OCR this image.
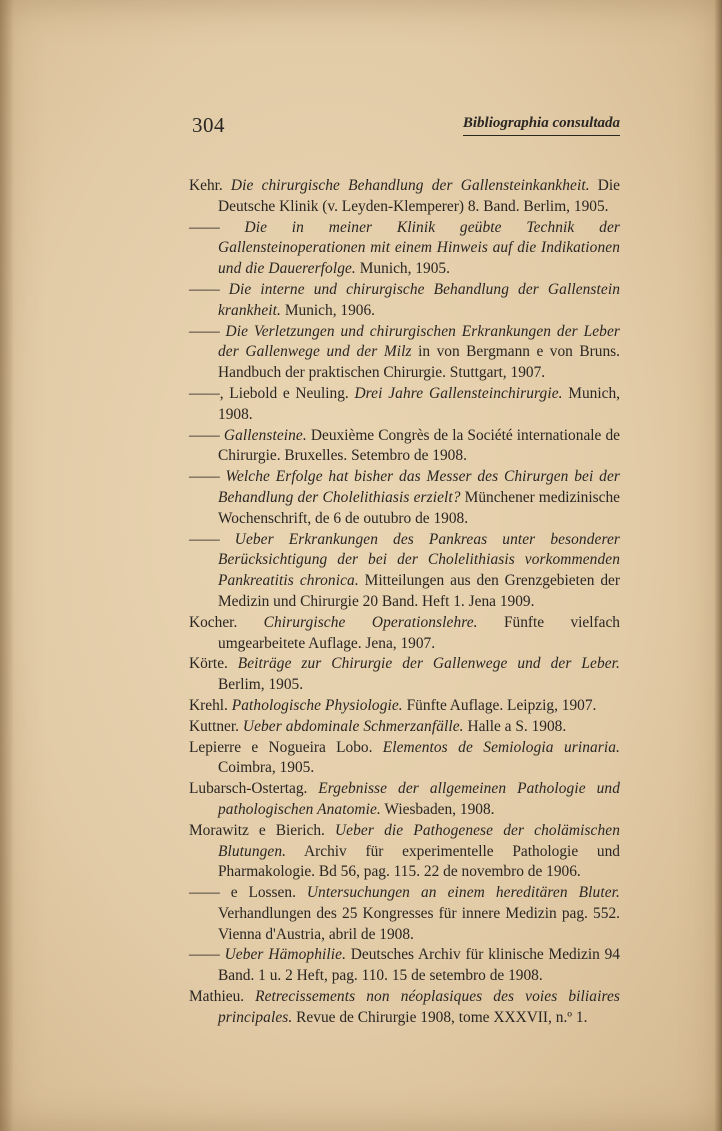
304	Bibliographia consultada
Kehr. Die chirurgische Behandlung der Gallensteinkankheit. Die Deutsche Klinik (v. Leyden-Klemperer) 8. Band. Berlim, 1905.
—— Die in meiner Klinik geübte Technik der Gallensteinoperationen mit einem Hinweis auf die Indikationen und die Dauererfolge. Munich, 1905.
—— Die interne und chirurgische Behandlung der Gallenstein krankheit. Munich, 1906.
—— Die Verletzungen und chirurgischen Erkrankungen der Leber der Gallenwege und der Milz in von Bergmann e von Bruns. Handbuch der praktischen Chirurgie. Stuttgart, 1907.
——, Liebold e Neuling. Drei Jahre Gallensteinchirurgie. Munich, 1908.
—— Gallensteine. Deuxième Congrès de la Société internationale de Chirurgie. Bruxelles. Setembro de 1908.
—— Welche Erfolge hat bisher das Messer des Chirurgen bei der Behandlung der Cholelithiasis erzielt? Münchener medizinische Wochenschrift, de 6 de outubro de 1908.
—— Ueber Erkrankungen des Pankreas unter besonderer Berücksichtigung der bei der Cholelithiasis vorkommenden Pankreatitis chronica. Mitteilungen aus den Grenzgebieten der Medizin und Chirurgie 20 Band. Heft 1. Jena 1909.
Kocher. Chirurgische Operationslehre. Fünfte vielfach umgearbeitete Auflage. Jena, 1907.
Körte. Beiträge zur Chirurgie der Gallenwege und der Leber. Berlim, 1905.
Krehl. Pathologische Physiologie. Fünfte Auflage. Leipzig, 1907.
Kuttner. Ueber abdominale Schmerzanfälle. Halle a S. 1908.
Lepierre e Nogueira Lobo. Elementos de Semiologia urinaria. Coimbra, 1905.
Lubarsch-Ostertag. Ergebnisse der allgemeinen Pathologie und pathologischen Anatomie. Wiesbaden, 1908.
Morawitz e Bierich. Ueber die Pathogenese der cholämischen Blutungen. Archiv für experimentelle Pathologie und Pharmakologie. Bd 56, pag. 115. 22 de novembro de 1906.
—— e Lossen. Untersuchungen an einem hereditären Bluter. Verhandlungen des 25 Kongresses für innere Medizin pag. 552. Vienna d'Austria, abril de 1908.
—— Ueber Hämophilie. Deutsches Archiv für klinische Medizin 94 Band. 1 u. 2 Heft, pag. 110. 15 de setembro de 1908.
Mathieu. Retrecissements non néoplasiques des voies biliaires principales. Revue de Chirurgie 1908, tome XXXVII, n.º 1.
